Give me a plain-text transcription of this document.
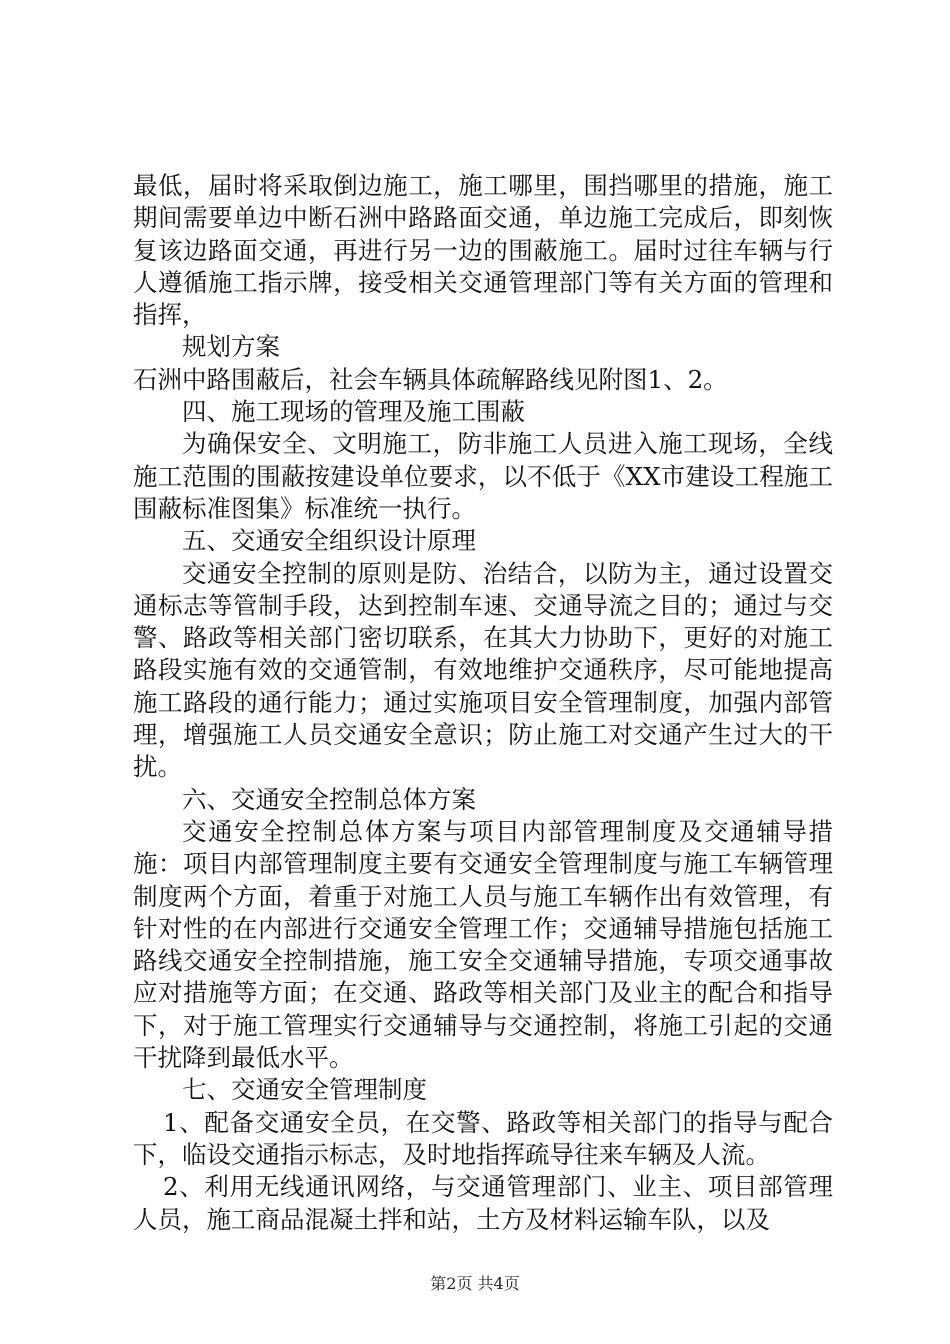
最低，届时将采取倒边施工，施工哪里，围挡哪里的措施，施工期间需要单边中断石洲中路路面交通，单边施工完成后，即刻恢复该边路面交通，再进行另一边的围蔽施工。届时过往车辆与行人遵循施工指示牌，接受相关交通管理部门等有关方面的管理和指挥，

规划方案

石洲中路围蔽后，社会车辆具体疏解路线见附图1、2。

四、施工现场的管理及施工围蔽

为确保安全、文明施工，防非施工人员进入施工现场，全线施工范围的围蔽按建设单位要求，以不低于《XX市建设工程施工围蔽标准图集》标准统一执行。

五、交通安全组织设计原理

交通安全控制的原则是防、治结合，以防为主，通过设置交通标志等管制手段，达到控制车速、交通导流之目的；通过与交警、路政等相关部门密切联系，在其大力协助下，更好的对施工路段实施有效的交通管制，有效地维护交通秩序，尽可能地提高施工路段的通行能力；通过实施项目安全管理制度，加强内部管理，增强施工人员交通安全意识；防止施工对交通产生过大的干扰。

六、交通安全控制总体方案

交通安全控制总体方案与项目内部管理制度及交通辅导措施：项目内部管理制度主要有交通安全管理制度与施工车辆管理制度两个方面，着重于对施工人员与施工车辆作出有效管理，有针对性的在内部进行交通安全管理工作；交通辅导措施包括施工路线交通安全控制措施，施工安全交通辅导措施，专项交通事故应对措施等方面；在交通、路政等相关部门及业主的配合和指导下，对于施工管理实行交通辅导与交通控制，将施工引起的交通干扰降到最低水平。

七、交通安全管理制度

1、配备交通安全员，在交警、路政等相关部门的指导与配合下，临设交通指示标志，及时地指挥疏导往来车辆及人流。

2、利用无线通讯网络，与交通管理部门、业主、项目部管理人员，施工商品混凝土拌和站，土方及材料运输车队，以及

第2页 共4页
